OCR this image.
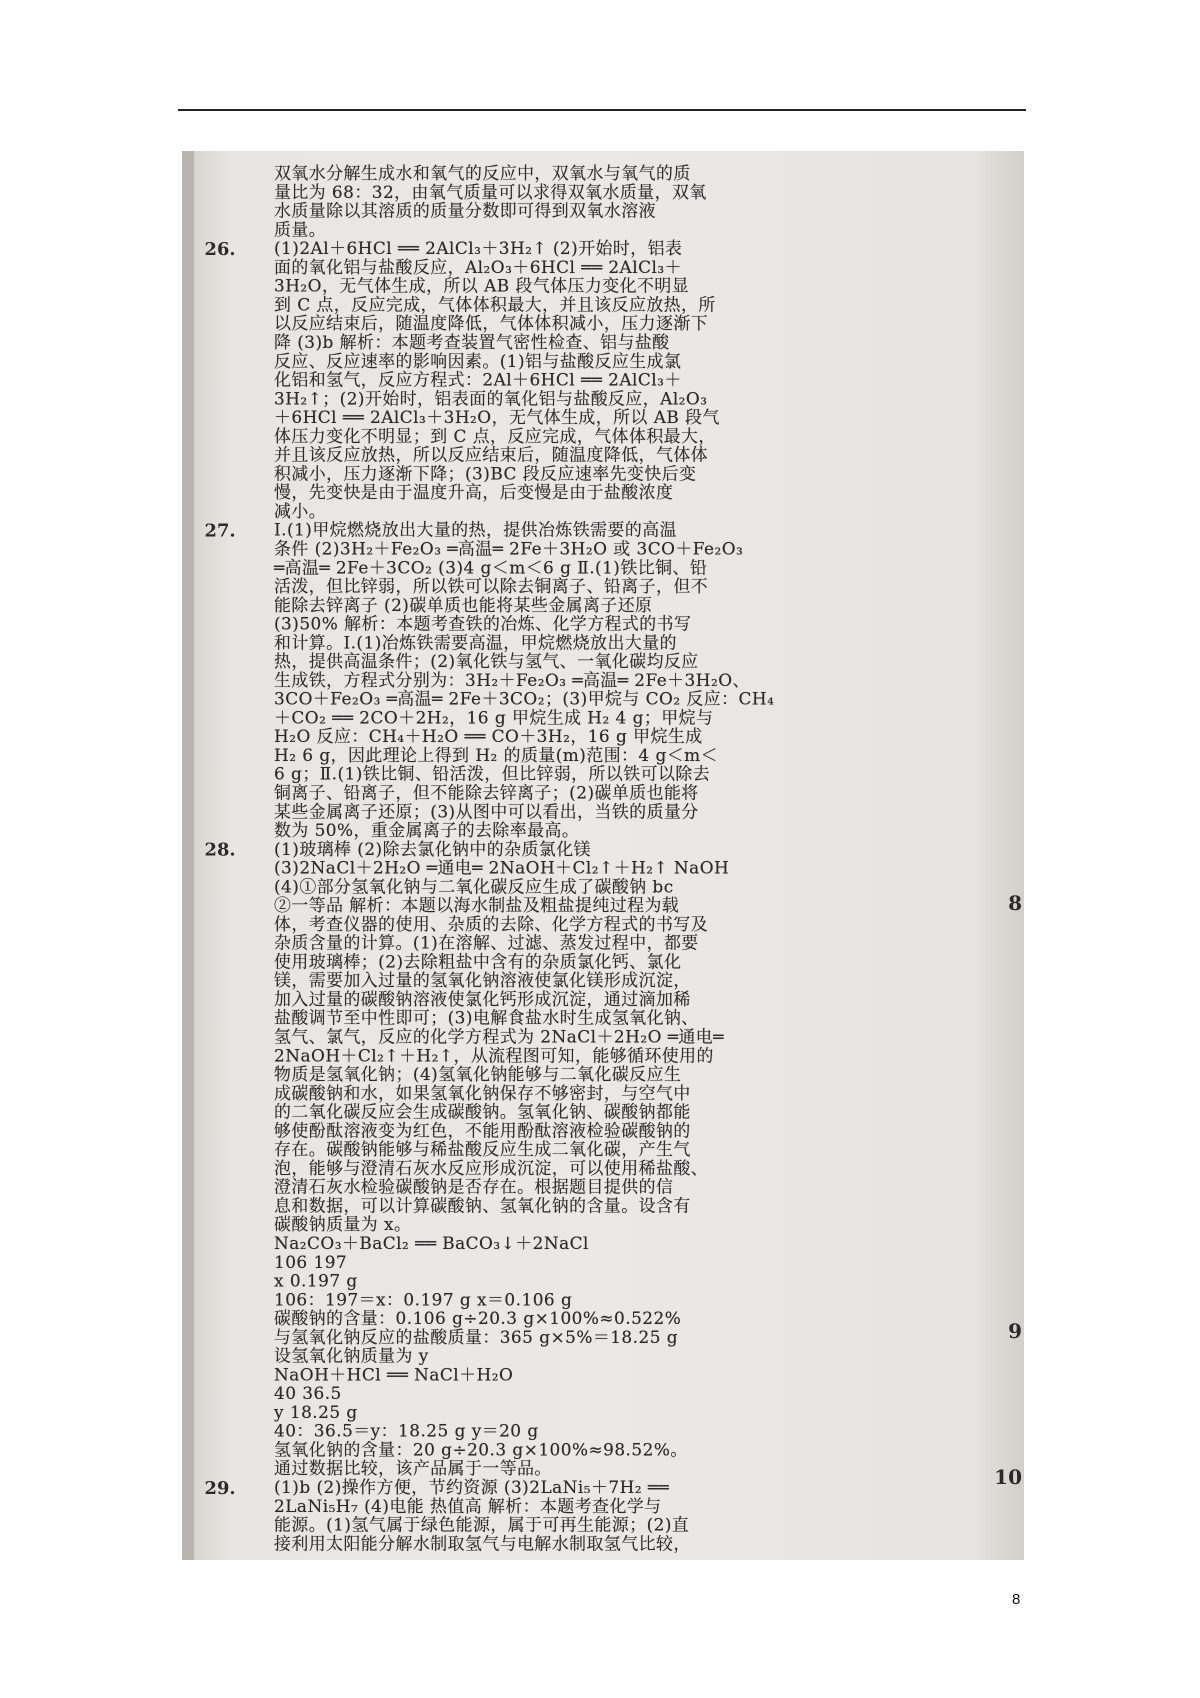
8
9
10
双氧水分解生成水和氧气的反应中，双氧水与氧气的质
量比为 68：32，由氧气质量可以求得双氧水质量，双氧
水质量除以其溶质的质量分数即可得到双氧水溶液
质量。
26. (1)2Al＋6HCl ══ 2AlCl₃＋3H₂↑ (2)开始时，铝表
面的氧化铝与盐酸反应，Al₂O₃＋6HCl ══ 2AlCl₃＋
3H₂O，无气体生成，所以 AB 段气体压力变化不明显
到 C 点，反应完成，气体体积最大，并且该反应放热，所
以反应结束后，随温度降低，气体体积减小，压力逐渐下
降 (3)b 解析：本题考查装置气密性检查、铝与盐酸
反应、反应速率的影响因素。(1)铝与盐酸反应生成氯
化铝和氢气，反应方程式：2Al＋6HCl ══ 2AlCl₃＋
3H₂↑；(2)开始时，铝表面的氧化铝与盐酸反应，Al₂O₃
＋6HCl ══ 2AlCl₃＋3H₂O，无气体生成，所以 AB 段气
体压力变化不明显；到 C 点，反应完成，气体体积最大，
并且该反应放热，所以反应结束后，随温度降低，气体体
积减小，压力逐渐下降；(3)BC 段反应速率先变快后变
慢，先变快是由于温度升高，后变慢是由于盐酸浓度
减小。
27. Ⅰ.(1)甲烷燃烧放出大量的热，提供冶炼铁需要的高温
条件 (2)3H₂＋Fe₂O₃ ═高温═ 2Fe＋3H₂O 或 3CO＋Fe₂O₃
═高温═ 2Fe＋3CO₂ (3)4 g＜m＜6 g Ⅱ.(1)铁比铜、铅
活泼，但比锌弱，所以铁可以除去铜离子、铅离子，但不
能除去锌离子 (2)碳单质也能将某些金属离子还原
(3)50% 解析：本题考查铁的冶炼、化学方程式的书写
和计算。Ⅰ.(1)冶炼铁需要高温，甲烷燃烧放出大量的
热，提供高温条件；(2)氧化铁与氢气、一氧化碳均反应
生成铁，方程式分别为：3H₂＋Fe₂O₃ ═高温═ 2Fe＋3H₂O、
3CO＋Fe₂O₃ ═高温═ 2Fe＋3CO₂；(3)甲烷与 CO₂ 反应：CH₄
＋CO₂ ══ 2CO＋2H₂，16 g 甲烷生成 H₂ 4 g；甲烷与
H₂O 反应：CH₄＋H₂O ══ CO＋3H₂，16 g 甲烷生成
H₂ 6 g，因此理论上得到 H₂ 的质量(m)范围：4 g＜m＜
6 g；Ⅱ.(1)铁比铜、铅活泼，但比锌弱，所以铁可以除去
铜离子、铅离子，但不能除去锌离子；(2)碳单质也能将
某些金属离子还原；(3)从图中可以看出，当铁的质量分
数为 50%，重金属离子的去除率最高。
28. (1)玻璃棒 (2)除去氯化钠中的杂质氯化镁
(3)2NaCl＋2H₂O ═通电═ 2NaOH＋Cl₂↑＋H₂↑ NaOH
(4)①部分氢氧化钠与二氧化碳反应生成了碳酸钠 bc
②一等品 解析：本题以海水制盐及粗盐提纯过程为载
体，考查仪器的使用、杂质的去除、化学方程式的书写及
杂质含量的计算。(1)在溶解、过滤、蒸发过程中，都要
使用玻璃棒；(2)去除粗盐中含有的杂质氯化钙、氯化
镁，需要加入过量的氢氧化钠溶液使氯化镁形成沉淀，
加入过量的碳酸钠溶液使氯化钙形成沉淀，通过滴加稀
盐酸调节至中性即可；(3)电解食盐水时生成氢氧化钠、
氢气、氯气，反应的化学方程式为 2NaCl＋2H₂O ═通电═
2NaOH＋Cl₂↑＋H₂↑，从流程图可知，能够循环使用的
物质是氢氧化钠；(4)氢氧化钠能够与二氧化碳反应生
成碳酸钠和水，如果氢氧化钠保存不够密封，与空气中
的二氧化碳反应会生成碳酸钠。氢氧化钠、碳酸钠都能
够使酚酞溶液变为红色，不能用酚酞溶液检验碳酸钠的
存在。碳酸钠能够与稀盐酸反应生成二氧化碳，产生气
泡，能够与澄清石灰水反应形成沉淀，可以使用稀盐酸、
澄清石灰水检验碳酸钠是否存在。根据题目提供的信
息和数据，可以计算碳酸钠、氢氧化钠的含量。设含有
碳酸钠质量为 x。
Na₂CO₃＋BaCl₂ ══ BaCO₃↓＋2NaCl
106 197
x 0.197 g
106：197＝x：0.197 g x＝0.106 g
碳酸钠的含量：0.106 g÷20.3 g×100%≈0.522%
与氢氧化钠反应的盐酸质量：365 g×5%＝18.25 g
设氢氧化钠质量为 y
NaOH＋HCl ══ NaCl＋H₂O
40 36.5
y 18.25 g
40：36.5＝y：18.25 g y＝20 g
氢氧化钠的含量：20 g÷20.3 g×100%≈98.52%。
通过数据比较，该产品属于一等品。
29. (1)b (2)操作方便，节约资源 (3)2LaNi₅＋7H₂ ══
2LaNi₅H₇ (4)电能 热值高 解析：本题考查化学与
能源。(1)氢气属于绿色能源，属于可再生能源；(2)直
接利用太阳能分解水制取氢气与电解水制取氢气比较，
8
